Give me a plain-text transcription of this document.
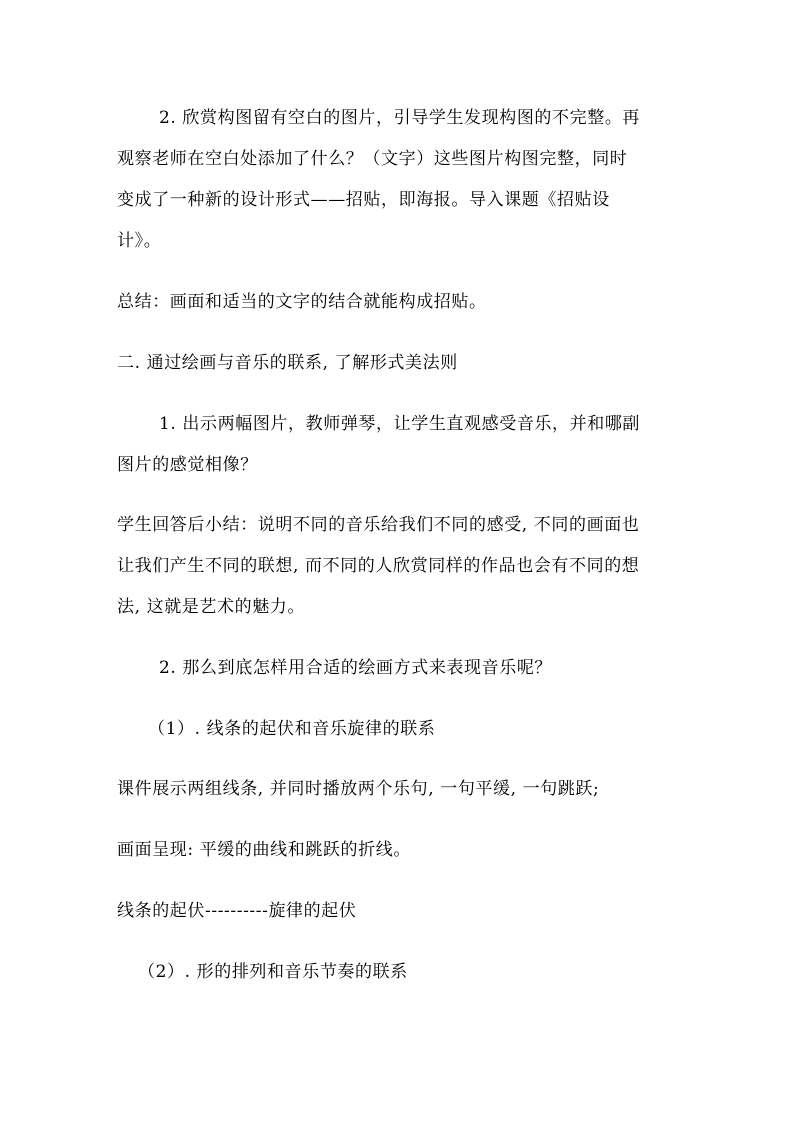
2. 欣赏构图留有空白的图片，引导学生发现构图的不完整。再
观察老师在空白处添加了什么？（文字）这些图片构图完整，同时
变成了一种新的设计形式——招贴，即海报。导入课题《招贴设
计》。
总结：画面和适当的文字的结合就能构成招贴。
二. 通过绘画与音乐的联系, 了解形式美法则
1. 出示两幅图片，教师弹琴，让学生直观感受音乐，并和哪副
图片的感觉相像？
学生回答后小结：说明不同的音乐给我们不同的感受, 不同的画面也
让我们产生不同的联想, 而不同的人欣赏同样的作品也会有不同的想
法, 这就是艺术的魅力。
2. 那么到底怎样用合适的绘画方式来表现音乐呢？
（1）. 线条的起伏和音乐旋律的联系
课件展示两组线条, 并同时播放两个乐句, 一句平缓, 一句跳跃;
画面呈现: 平缓的曲线和跳跃的折线。
线条的起伏----------旋律的起伏
（2）. 形的排列和音乐节奏的联系
